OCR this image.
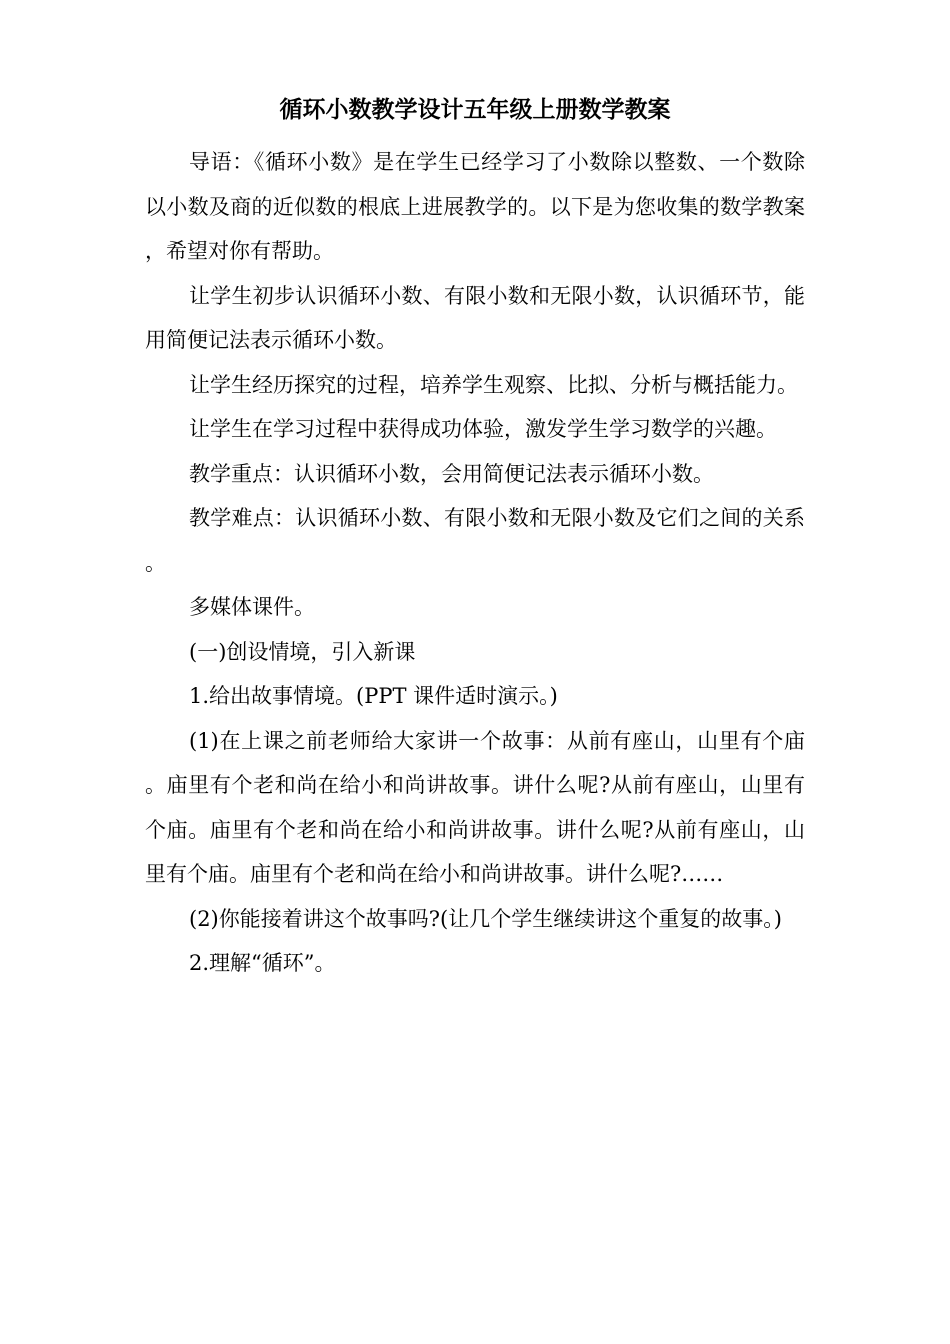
循环小数教学设计五年级上册数学教案

导语：《循环小数》是在学生已经学习了小数除以整数、一个数除以小数及商的近似数的根底上进展教学的。以下是为您收集的数学教案，希望对你有帮助。

让学生初步认识循环小数、有限小数和无限小数，认识循环节，能用简便记法表示循环小数。

让学生经历探究的过程，培养学生观察、比拟、分析与概括能力。

让学生在学习过程中获得成功体验，激发学生学习数学的兴趣。

教学重点：认识循环小数，会用简便记法表示循环小数。

教学难点：认识循环小数、有限小数和无限小数及它们之间的关系。

多媒体课件。

(一)创设情境，引入新课

1.给出故事情境。(PPT 课件适时演示。)

(1)在上课之前老师给大家讲一个故事：从前有座山，山里有个庙。庙里有个老和尚在给小和尚讲故事。讲什么呢?从前有座山，山里有个庙。庙里有个老和尚在给小和尚讲故事。讲什么呢?从前有座山，山里有个庙。庙里有个老和尚在给小和尚讲故事。讲什么呢?……

(2)你能接着讲这个故事吗?(让几个学生继续讲这个重复的故事。)

2.理解“循环”。
